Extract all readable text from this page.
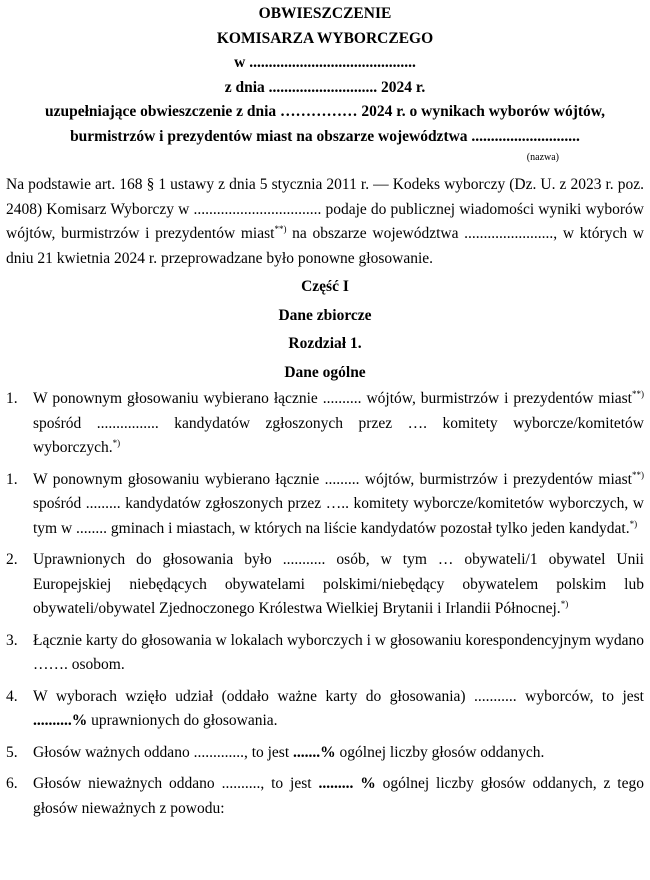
OBWIESZCZENIE

KOMISARZA WYBORCZEGO

w ...........................................

z dnia ............................ 2024 r.

uzupełniające obwieszczenie z dnia …………… 2024 r. o wynikach wyborów wójtów,

burmistrzów i prezydentów miast na obszarze województwa ............................

(nazwa)

Na podstawie art. 168 § 1 ustawy z dnia 5 stycznia 2011 r. — Kodeks wyborczy (Dz. U. z 2023 r. poz. 2408) Komisarz Wyborczy w ................................. podaje do publicznej wiadomości wyniki wyborów wójtów, burmistrzów i prezydentów miast**) na obszarze województwa ......................., w których w dniu 21 kwietnia 2024 r. przeprowadzane było ponowne głosowanie.

Część I

Dane zbiorcze

Rozdział 1.

Dane ogólne

1. W ponownym głosowaniu wybierano łącznie .......... wójtów, burmistrzów i prezydentów miast**) spośród ................ kandydatów zgłoszonych przez …. komitety wyborcze/komitetów wyborczych.*)
1. W ponownym głosowaniu wybierano łącznie ......... wójtów, burmistrzów i prezydentów miast**) spośród ......... kandydatów zgłoszonych przez ….. komitety wyborcze/komitetów wyborczych, w tym w ........ gminach i miastach, w których na liście kandydatów pozostał tylko jeden kandydat.*)
2. Uprawnionych do głosowania było ........... osób, w tym … obywateli/1 obywatel Unii Europejskiej niebędących obywatelami polskimi/niebędący obywatelem polskim lub obywateli/obywatel Zjednoczonego Królestwa Wielkiej Brytanii i Irlandii Północnej.*)
3. Łącznie karty do głosowania w lokalach wyborczych i w głosowaniu korespondencyjnym wydano ……. osobom.
4. W wyborach wzięło udział (oddało ważne karty do głosowania) ........... wyborców, to jest ..........% uprawnionych do głosowania.
5. Głosów ważnych oddano ............., to jest .......% ogólnej liczby głosów oddanych.
6. Głosów nieważnych oddano .........., to jest ......... % ogólnej liczby głosów oddanych, z tego głosów nieważnych z powodu:
